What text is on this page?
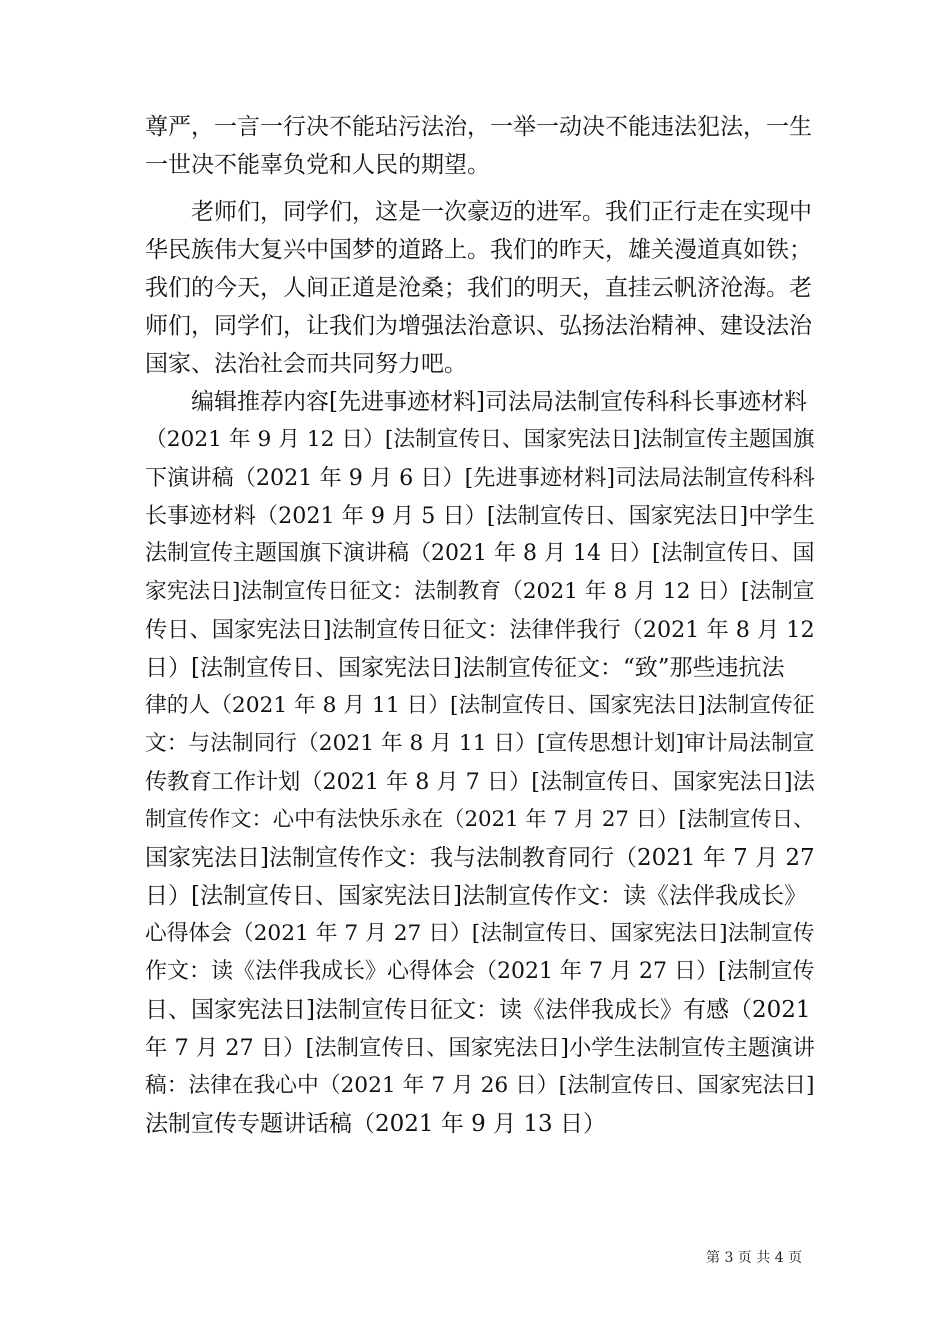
尊严，一言一行决不能玷污法治，一举一动决不能违法犯法，一生
一世决不能辜负党和人民的期望。
　　老师们，同学们，这是一次豪迈的进军。我们正行走在实现中
华民族伟大复兴中国梦的道路上。我们的昨天，雄关漫道真如铁；
我们的今天，人间正道是沧桑；我们的明天，直挂云帆济沧海。老
师们，同学们，让我们为增强法治意识、弘扬法治精神、建设法治
国家、法治社会而共同努力吧。
　　编辑推荐内容[先进事迹材料]司法局法制宣传科科长事迹材料
（2021 年 9 月 12 日）[法制宣传日、国家宪法日]法制宣传主题国旗
下演讲稿（2021 年 9 月 6 日）[先进事迹材料]司法局法制宣传科科
长事迹材料（2021 年 9 月 5 日）[法制宣传日、国家宪法日]中学生
法制宣传主题国旗下演讲稿（2021 年 8 月 14 日）[法制宣传日、国
家宪法日]法制宣传日征文：法制教育（2021 年 8 月 12 日）[法制宣
传日、国家宪法日]法制宣传日征文：法律伴我行（2021 年 8 月 12
日）[法制宣传日、国家宪法日]法制宣传征文：“致”那些违抗法
律的人（2021 年 8 月 11 日）[法制宣传日、国家宪法日]法制宣传征
文：与法制同行（2021 年 8 月 11 日）[宣传思想计划]审计局法制宣
传教育工作计划（2021 年 8 月 7 日）[法制宣传日、国家宪法日]法
制宣传作文：心中有法快乐永在（2021 年 7 月 27 日）[法制宣传日、
国家宪法日]法制宣传作文：我与法制教育同行（2021 年 7 月 27
日）[法制宣传日、国家宪法日]法制宣传作文：读《法伴我成长》
心得体会（2021 年 7 月 27 日）[法制宣传日、国家宪法日]法制宣传
作文：读《法伴我成长》心得体会（2021 年 7 月 27 日）[法制宣传
日、国家宪法日]法制宣传日征文：读《法伴我成长》有感（2021
年 7 月 27 日）[法制宣传日、国家宪法日]小学生法制宣传主题演讲
稿：法律在我心中（2021 年 7 月 26 日）[法制宣传日、国家宪法日]
法制宣传专题讲话稿（2021 年 9 月 13 日）
第 3 页 共 4 页
